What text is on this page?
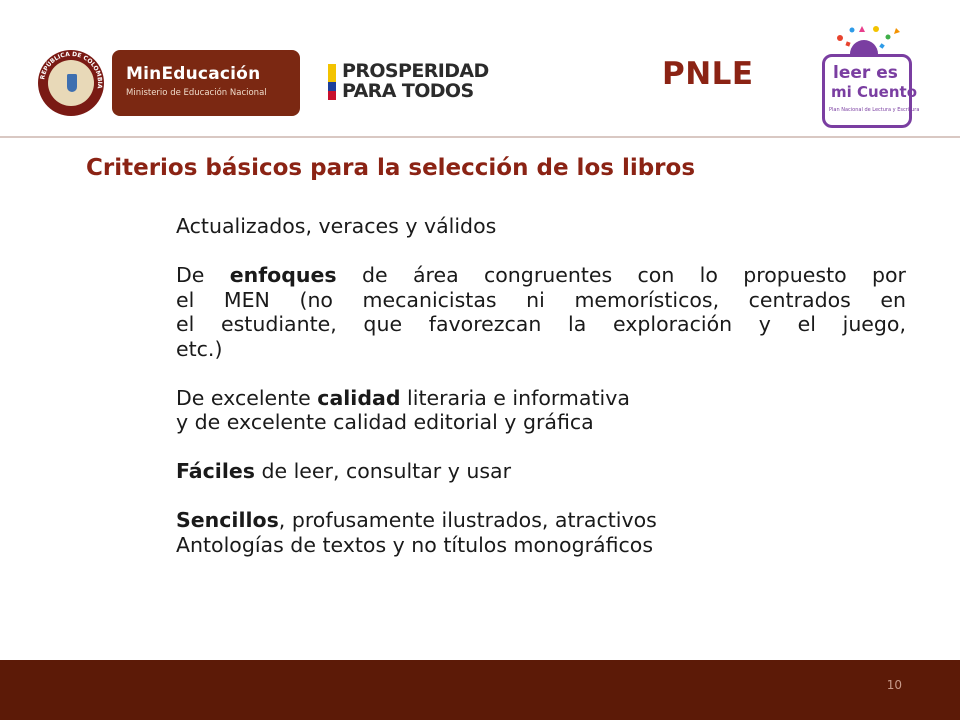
REPÚBLICA DE COLOMBIA
MinEducación
Ministerio de Educación Nacional
PROSPERIDAD
PARA TODOS	PNLE	leer es
mi Cuento
Plan Nacional de Lectura y Escritura
Criterios básicos para la selección de los libros
Actualizados, veraces y válidos
De enfoques de área congruentes con lo propuesto por
el MEN (no mecanicistas ni memorísticos, centrados en
el estudiante, que favorezcan la exploración y el juego,
etc.)
De excelente calidad literaria e informativa
y de excelente calidad editorial y gráfica
Fáciles de leer, consultar y usar
Sencillos, profusamente ilustrados, atractivos
Antologías de textos y no títulos monográficos
10
